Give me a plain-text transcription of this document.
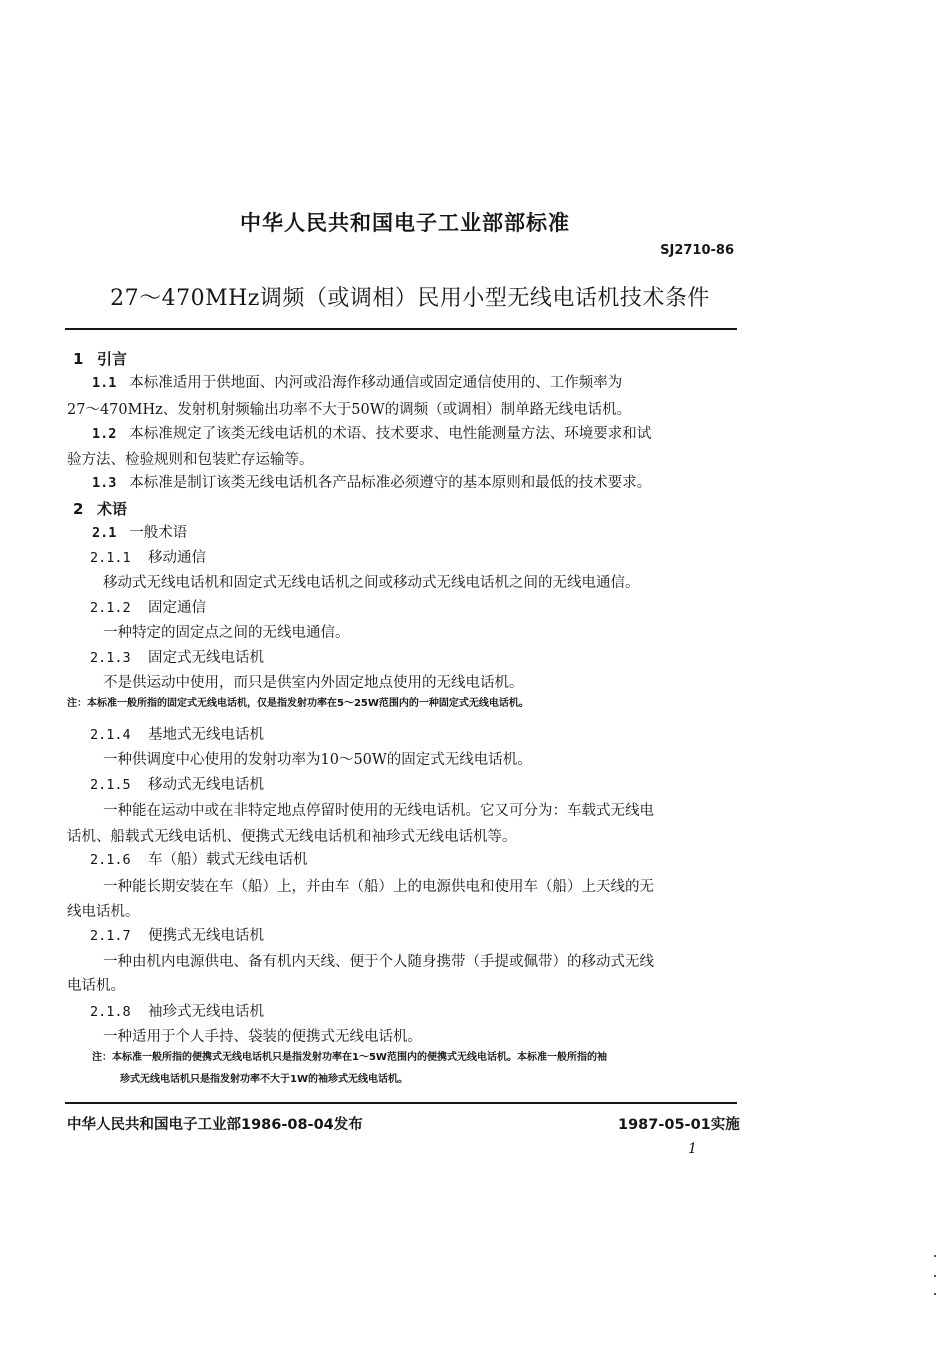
中华人民共和国电子工业部部标准
SJ2710-86
27～470MHz调频（或调相）民用小型无线电话机技术条件
1 引言
1.1 本标准适用于供地面、内河或沿海作移动通信或固定通信使用的、工作频率为
27～470MHz、发射机射频输出功率不大于50W的调频（或调相）制单路无线电话机。
1.2 本标准规定了该类无线电话机的术语、技术要求、电性能测量方法、环境要求和试
验方法、检验规则和包装贮存运输等。
1.3 本标准是制订该类无线电话机各产品标准必须遵守的基本原则和最低的技术要求。
2 术语
2.1 一般术语
2.1.1 移动通信
移动式无线电话机和固定式无线电话机之间或移动式无线电话机之间的无线电通信。
2.1.2 固定通信
一种特定的固定点之间的无线电通信。
2.1.3 固定式无线电话机
不是供运动中使用，而只是供室内外固定地点使用的无线电话机。
注：本标准一般所指的固定式无线电话机，仅是指发射功率在5～25W范围内的一种固定式无线电话机。
2.1.4 基地式无线电话机
一种供调度中心使用的发射功率为10～50W的固定式无线电话机。
2.1.5 移动式无线电话机
一种能在运动中或在非特定地点停留时使用的无线电话机。它又可分为：车载式无线电
话机、船载式无线电话机、便携式无线电话机和袖珍式无线电话机等。
2.1.6 车（船）载式无线电话机
一种能长期安装在车（船）上，并由车（船）上的电源供电和使用车（船）上天线的无
线电话机。
2.1.7 便携式无线电话机
一种由机内电源供电、备有机内天线、便于个人随身携带（手提或佩带）的移动式无线
电话机。
2.1.8 袖珍式无线电话机
一种适用于个人手持、袋装的便携式无线电话机。
注：本标准一般所指的便携式无线电话机只是指发射功率在1～5W范围内的便携式无线电话机。本标准一般所指的袖
珍式无线电话机只是指发射功率不大于1W的袖珍式无线电话机。
中华人民共和国电子工业部1986-08-04发布	1987-05-01实施
1
